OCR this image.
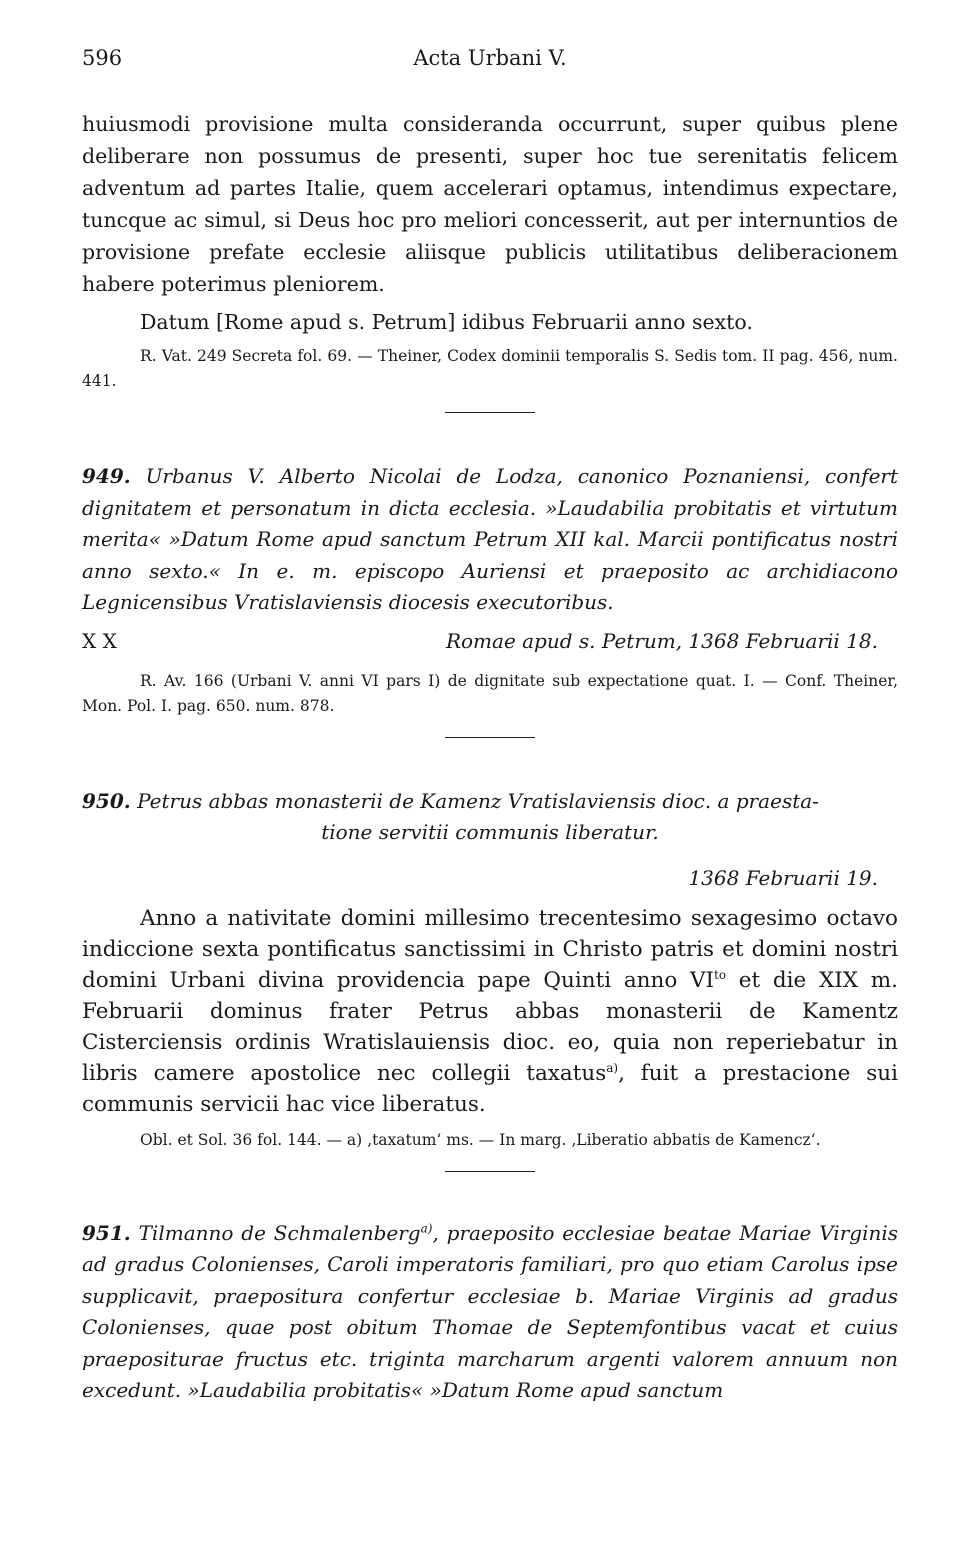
596	Acta Urbani V.

huiusmodi provisione multa consideranda occurrunt, super quibus plene deliberare non possumus de presenti, super hoc tue serenitatis felicem adventum ad partes Italie, quem accelerari optamus, intendimus expectare, tuncque ac simul, si Deus hoc pro meliori concesserit, aut per internuntios de provisione prefate ecclesie aliisque publicis utilitatibus deliberacionem habere poterimus pleniorem.

Datum [Rome apud s. Petrum] idibus Februarii anno sexto.

R. Vat. 249 Secreta fol. 69. — Theiner, Codex dominii temporalis S. Sedis tom. II pag. 456, num. 441.

949. Urbanus V. Alberto Nicolai de Lodza, canonico Poznaniensi, confert dignitatem et personatum in dicta ecclesia. »Laudabilia probitatis et virtutum merita« »Datum Rome apud sanctum Petrum XII kal. Marcii pontificatus nostri anno sexto.« In e. m. episcopo Auriensi et praeposito ac archidiacono Legnicensibus Vratislaviensis diocesis executoribus.

X X	Romae apud s. Petrum, 1368 Februarii 18.

R. Av. 166 (Urbani V. anni VI pars I) de dignitate sub expectatione quat. I. — Conf. Theiner, Mon. Pol. I. pag. 650. num. 878.

950. Petrus abbas monasterii de Kamenz Vratislaviensis dioc. a praesta-

tione servitii communis liberatur.

1368 Februarii 19.

Anno a nativitate domini millesimo trecentesimo sexagesimo octavo indiccione sexta pontificatus sanctissimi in Christo patris et domini nostri domini Urbani divina providencia pape Quinti anno $VI^{to}$ et die XIX m. Februarii dominus frater Petrus abbas monasterii de Kamentz Cisterciensis ordinis Wratislauiensis dioc. eo, quia non reperiebatur in libris camere apostolice nec collegii taxatus$^{a)}$, fuit a prestacione sui communis servicii hac vice liberatus.

Obl. et Sol. 36 fol. 144. — a) ‚taxatum‘ ms. — In marg. ‚Liberatio abbatis de Kamencz‘.

951. Tilmanno de Schmalenberg$^{a)}$, praeposito ecclesiae beatae Mariae Virginis ad gradus Colonienses, Caroli imperatoris familiari, pro quo etiam Carolus ipse supplicavit, praepositura confertur ecclesiae b. Mariae Virginis ad gradus Colonienses, quae post obitum Thomae de Septemfontibus vacat et cuius praepositurae fructus etc. triginta marcharum argenti valorem annuum non excedunt. »Laudabilia probitatis« »Datum Rome apud sanctum
